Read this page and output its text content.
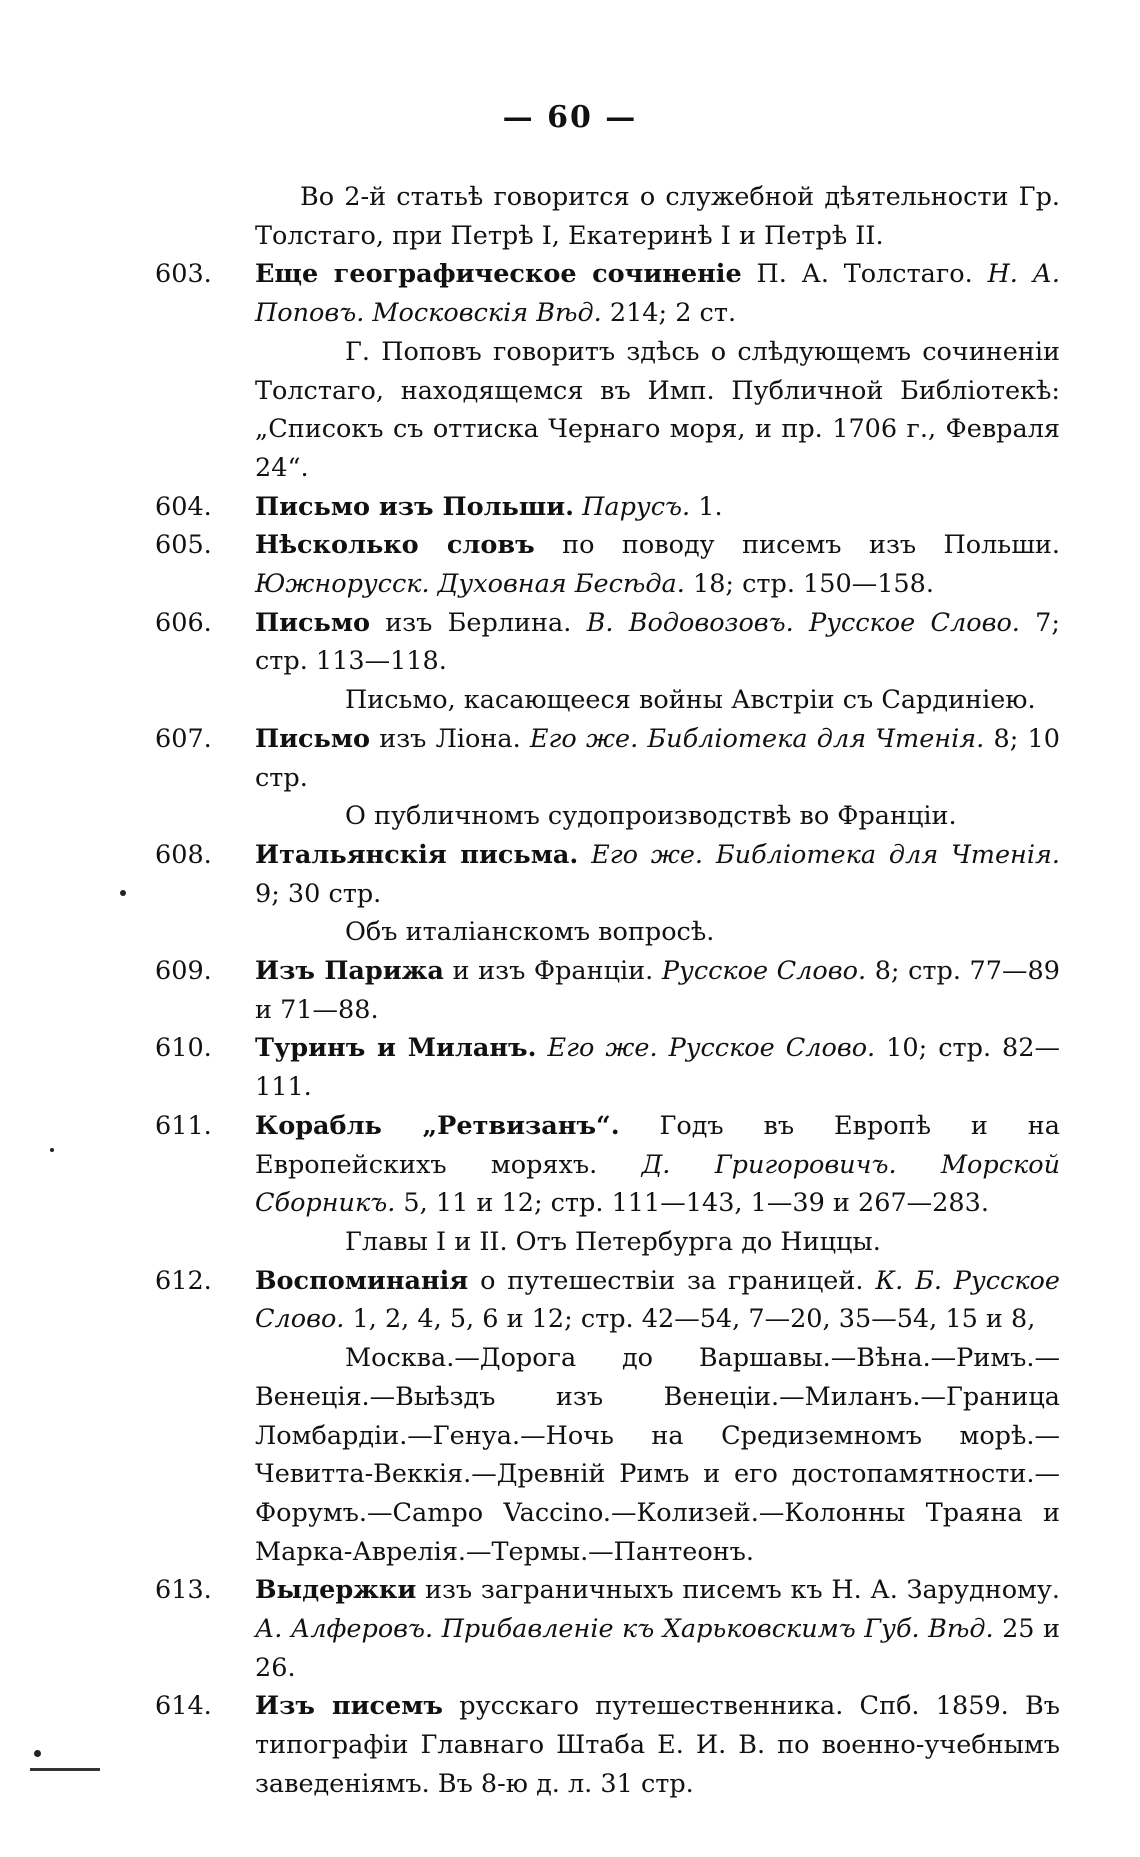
— 60 —

Во 2-й статьѣ говорится о служебной дѣятельности Гр. Толстаго, при Петрѣ I, Екатеринѣ I и Петрѣ II.

603.	Еще географическое сочиненіе П. А. Толстаго. Н. А. Поповъ. Московскія Вѣд. 214; 2 ст.

Г. Поповъ говоритъ здѣсь о слѣдующемъ сочиненіи Толстаго, находящемся въ Имп. Публичной Библіотекѣ: „Списокъ съ оттиска Чернаго моря, и пр. 1706 г., Февраля 24“.

604.	Письмо изъ Польши. Парусъ. 1.

605.	Нѣсколько словъ по поводу писемъ изъ Польши. Южнорусск. Духовная Бесѣда. 18; стр. 150—158.

606.	Письмо изъ Берлина. В. Водовозовъ. Русское Слово. 7; стр. 113—118.

Письмо, касающееся войны Австріи съ Сардиніею.

607.	Письмо изъ Ліона. Его же. Библіотека для Чтенія. 8; 10 стр.

О публичномъ судопроизводствѣ во Франціи.

608.	Итальянскія письма. Его же. Библіотека для Чтенія. 9; 30 стр.

Объ италіанскомъ вопросѣ.

609.	Изъ Парижа и изъ Франціи. Русское Слово. 8; стр. 77—89 и 71—88.

610.	Туринъ и Миланъ. Его же. Русское Слово. 10; стр. 82—111.

611.	Корабль „Ретвизанъ“. Годъ въ Европѣ и на Европейскихъ моряхъ. Д. Григоровичъ. Морской Сборникъ. 5, 11 и 12; стр. 111—143, 1—39 и 267—283.

Главы I и II. Отъ Петербурга до Ниццы.

612.	Воспоминанія о путешествіи за границей. К. Б. Русское Слово. 1, 2, 4, 5, 6 и 12; стр. 42—54, 7—20, 35—54, 15 и 8,

Москва.—Дорога до Варшавы.—Вѣна.—Римъ.—Венеція.—Выѣздъ изъ Венеціи.—Миланъ.—Граница Ломбардіи.—Генуа.—Ночь на Средиземномъ морѣ.—Чевитта-Веккія.—Древній Римъ и его достопамятности.—Форумъ.—Campo Vaccino.—Колизей.—Колонны Траяна и Марка-Аврелія.—Термы.—Пантеонъ.

613.	Выдержки изъ заграничныхъ писемъ къ Н. А. Зарудному. А. Алферовъ. Прибавленіе къ Харьковскимъ Губ. Вѣд. 25 и 26.

614.	Изъ писемъ русскаго путешественника. Спб. 1859. Въ типографіи Главнаго Штаба Е. И. В. по военно-учебнымъ заведеніямъ. Въ 8-ю д. л. 31 стр.
